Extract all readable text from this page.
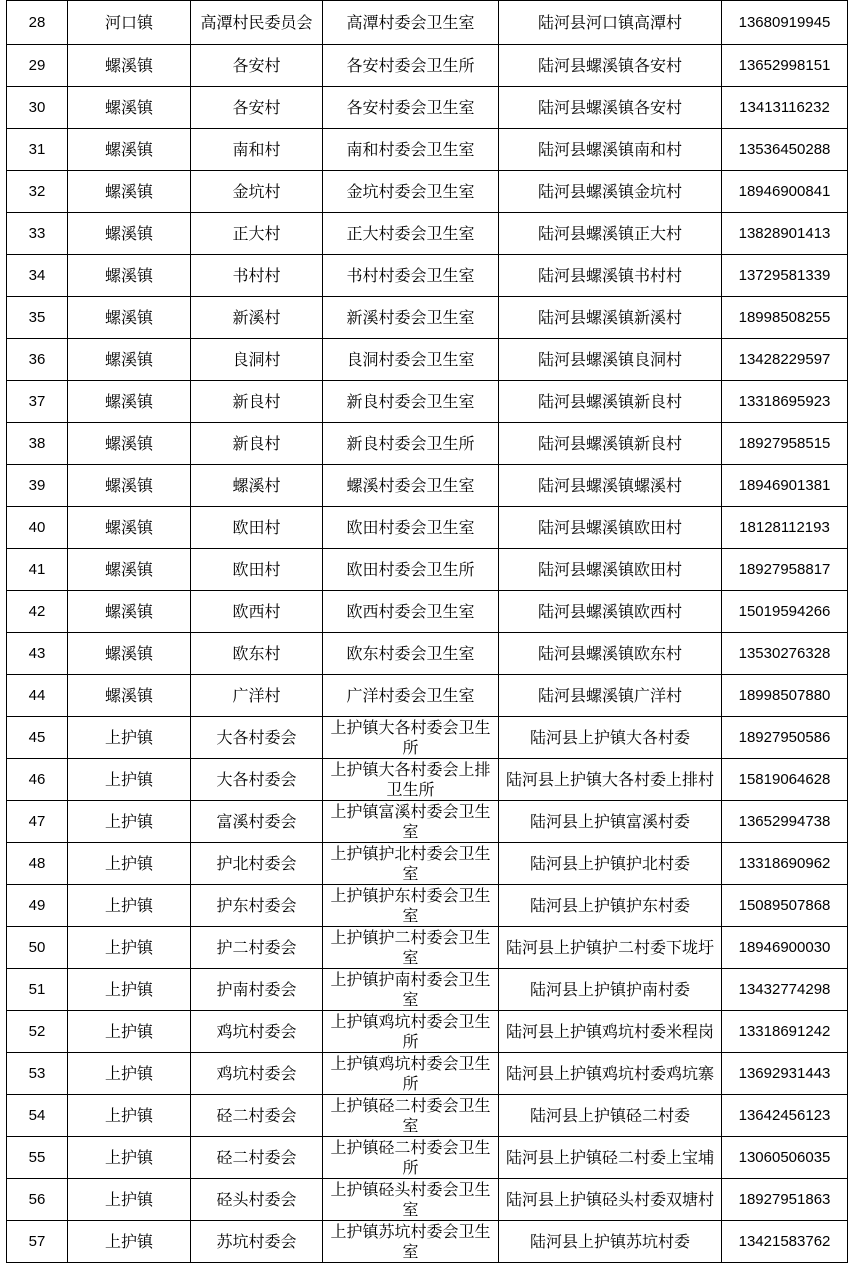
28	河口镇	高潭村民委员会	高潭村委会卫生室	陆河县河口镇高潭村	13680919945
29	螺溪镇	各安村	各安村委会卫生所	陆河县螺溪镇各安村	13652998151
30	螺溪镇	各安村	各安村委会卫生室	陆河县螺溪镇各安村	13413116232
31	螺溪镇	南和村	南和村委会卫生室	陆河县螺溪镇南和村	13536450288
32	螺溪镇	金坑村	金坑村委会卫生室	陆河县螺溪镇金坑村	18946900841
33	螺溪镇	正大村	正大村委会卫生室	陆河县螺溪镇正大村	13828901413
34	螺溪镇	书村村	书村村委会卫生室	陆河县螺溪镇书村村	13729581339
35	螺溪镇	新溪村	新溪村委会卫生室	陆河县螺溪镇新溪村	18998508255
36	螺溪镇	良洞村	良洞村委会卫生室	陆河县螺溪镇良洞村	13428229597
37	螺溪镇	新良村	新良村委会卫生室	陆河县螺溪镇新良村	13318695923
38	螺溪镇	新良村	新良村委会卫生所	陆河县螺溪镇新良村	18927958515
39	螺溪镇	螺溪村	螺溪村委会卫生室	陆河县螺溪镇螺溪村	18946901381
40	螺溪镇	欧田村	欧田村委会卫生室	陆河县螺溪镇欧田村	18128112193
41	螺溪镇	欧田村	欧田村委会卫生所	陆河县螺溪镇欧田村	18927958817
42	螺溪镇	欧西村	欧西村委会卫生室	陆河县螺溪镇欧西村	15019594266
43	螺溪镇	欧东村	欧东村委会卫生室	陆河县螺溪镇欧东村	13530276328
44	螺溪镇	广洋村	广洋村委会卫生室	陆河县螺溪镇广洋村	18998507880
45	上护镇	大各村委会	上护镇大各村委会卫生所	陆河县上护镇大各村委	18927950586
46	上护镇	大各村委会	上护镇大各村委会上排卫生所	陆河县上护镇大各村委上排村	15819064628
47	上护镇	富溪村委会	上护镇富溪村委会卫生室	陆河县上护镇富溪村委	13652994738
48	上护镇	护北村委会	上护镇护北村委会卫生室	陆河县上护镇护北村委	13318690962
49	上护镇	护东村委会	上护镇护东村委会卫生室	陆河县上护镇护东村委	15089507868
50	上护镇	护二村委会	上护镇护二村委会卫生室	陆河县上护镇护二村委下垅圩	18946900030
51	上护镇	护南村委会	上护镇护南村委会卫生室	陆河县上护镇护南村委	13432774298
52	上护镇	鸡坑村委会	上护镇鸡坑村委会卫生所	陆河县上护镇鸡坑村委米程岗	13318691242
53	上护镇	鸡坑村委会	上护镇鸡坑村委会卫生所	陆河县上护镇鸡坑村委鸡坑寨	13692931443
54	上护镇	硁二村委会	上护镇硁二村委会卫生室	陆河县上护镇硁二村委	13642456123
55	上护镇	硁二村委会	上护镇硁二村委会卫生所	陆河县上护镇硁二村委上宝埔	13060506035
56	上护镇	硁头村委会	上护镇硁头村委会卫生室	陆河县上护镇硁头村委双塘村	18927951863
57	上护镇	苏坑村委会	上护镇苏坑村委会卫生室	陆河县上护镇苏坑村委	13421583762
